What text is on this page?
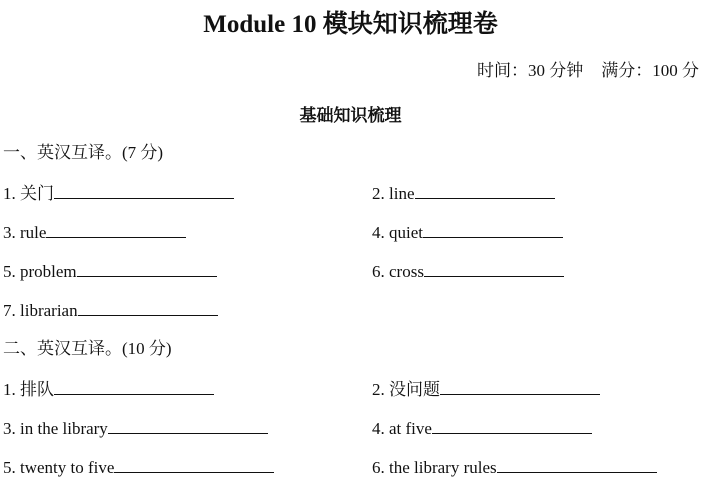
Module 10 模块知识梳理卷
时间：30 分钟 满分：100 分
基础知识梳理
一、英汉互译。(7 分)
1. 关门	2. line
3. rule	4. quiet
5. problem	6. cross
7. librarian
二、英汉互译。(10 分)
1. 排队	2. 没问题
3. in the library	4. at five
5. twenty to five	6. the library rules
